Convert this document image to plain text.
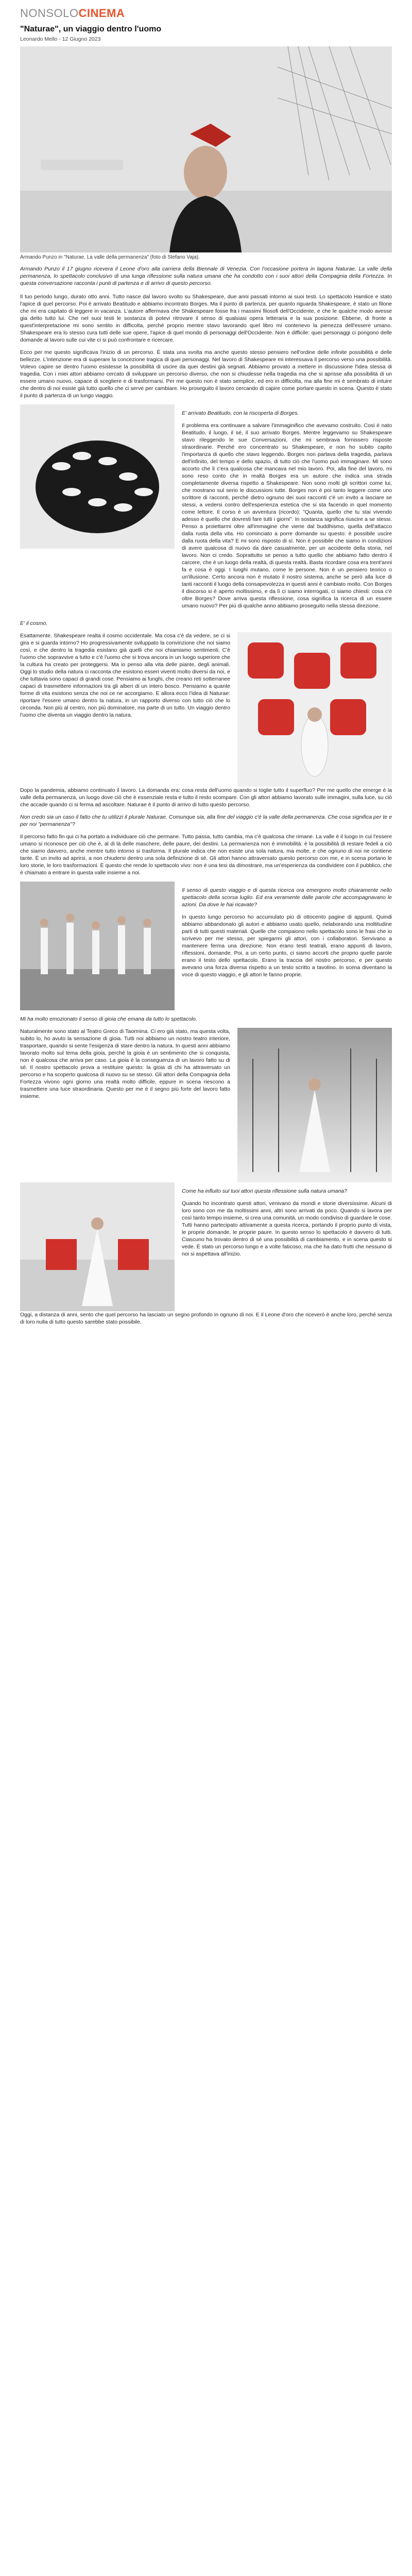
NONSOLOCINEMA
"Naturae", un viaggio dentro l'uomo
Leonardo Mello - 12 Giugno 2023
Armando Punzo in "Naturae. La valle della permanenza" (foto di Stefano Vaja).

Armando Punzo il 17 giugno ricevera il Leone d'oro alla carriera della Biennale di Venezia. Con l'occasione portera in laguna Naturae. La valle della permanenza, lo spettacolo conclusivo di una lunga riflessione sulla natura umana che ha condotto con i suoi attori della Compagnia della Fortezza. In questa conversazione racconta i punti di partenza e di arrivo di questo percorso.

Il tuo periodo lungo, durato otto anni. Tutto nasce dal lavoro svolto su Shakespeare, due anni passati intorno ai suoi testi. Lo spettacolo Hamlice e stato l'apice di quel percorso. Poi è arrivato Beatitudo e abbiamo incontrato Borges. Ma il punto di partenza, per quanto riguarda Shakespeare, è stato un filone che mi era capitato di leggere in vacanza. L'autore affermava che Shakespeare fosse fra i massimi filosofi dell'Occidente, e che le qualche modo avesse gia detto tutto lui. Che nel suoi testi le sostanza di potevi ritrovare il senso di qualsiasi opera letteraria e la sua posizione. Ebbene, di fronte a quest'interpretazione mi sono sentito in difficolta, perché proprio mentre stavo lavorando quel libro mi contenevo la pienezza dell'essere umano. Shakespeare era lo stesso cura tutti delle sue opere, l'apice di quel mondo di personaggi dell'Occidente. Non è difficile: quei personaggi ci pongono delle domande al lavoro sulle cui vite ci si può confrontare e ricercare.

Ecco per me questo significava l'inizio di un percorso. È stata una svolta ma anche questo stesso pensiero nell'ordine delle infinite possibilità e delle bellezze. L'intenzione era di superare la concezione tragica di quei personaggi. Nel lavoro di Shakespeare mi interessava il percorso verso una possibilità. Volevo capire se dentro l'uomo esistesse la possibilità di uscire da quei destini già segnati. Abbiamo provato a mettere in discussione l'idea stessa di tragedia. Con i miei attori abbiamo cercato di sviluppare un percorso diverso, che non si chiudesse nella tragedia ma che si aprisse alla possibilità di un essere umano nuovo, capace di scegliere e di trasformarsi. Per me questo non è stato semplice, ed ero in difficolta, ma alla fine mi è sembrato di intuire che dentro di noi esiste già tutto quello che ci serve per cambiare. Ho proseguito il lavoro cercando di capire come portare questo in scena. Questo è stato il punto di partenza di un lungo viaggio.

E' arrivato Beatitudo, con la riscoperta di Borges.

Il problema era continuare a salvare l'immaginifico che avevamo costruito. Cosi è nato Beatitudo, il luogo, il sé, il suo arrivato Borges. Mentre leggevamo su Shakespeare stavo rileggendo le sue Conversazioni, che mi sembrava fornissero risposte straordinarie. Perché ero concentrato su Shakespeare, e non ho subito capito l'importanza di quello che stavo leggendo. Borges non parlava della tragedia, parlava dell'infinito, del tempo e dello spazio, di tutto ciò che l'uomo può immaginare. Mi sono accorto che lì c'era qualcosa che mancava nel mio lavoro. Poi, alla fine del lavoro, mi sono reso conto che in realtà Borges era un autore che indica una strada completamente diversa rispetto a Shakespeare. Non sono molti gli scrittori come lui, che mostrano sul serio le discussioni tutte. Borges non è poi tanto leggere come uno scrittore di racconti, perché dietro ognuno dei suoi racconti c'è un invito a lasciare se stessi, a vedersi contro dell'esperienza estetica che si sta facendo in quel momento come lettore. Il corso è un avventura (ricordo): "Quanta, quello che tu stai vivendo adesso è quello che dovresti fare tutti i giorni". In sostanza significa riuscire a se stessi. Penso a proiettarmi oltre all'immagine che viene dal buddhismo, quella dell'attacco dalla ruota della vita. Ho cominciato a porre domande su questo: è possibile uscire dalla ruota della vita? E mi sono risposto di sì. Non è possibile che siamo in condizioni di avere qualcosa di nuovo da dare casualmente, per un accidente della storia, nel lavoro. Non ci credo. Soprattutto se penso a tutto quello che abbiamo fatto dentro il carcere, che è un luogo della realtà, di questa realtà. Basta ricordare cosa era trent'anni fa e cosa è oggi. I luoghi mutano, come le persone. Non è un pensiero teorico o un'illusione. Certo ancora non è mutato il nostro sistema, anche se però alla luce di tanti racconti il luogo della consapevolezza in questi anni è cambiato molto. Con Borges il discorso si è aperto moltissimo, e da lì ci siamo interrogati, ci siamo chiesti: cosa c'è oltre Borges? Dove arriva questa riflessione, cosa significa la ricerca di un essere umano nuovo? Per più di qualche anno abbiamo proseguito nella stessa direzione.

E' il cosmo.

Esattamente. Shakespeare realta il cosmo occidentale. Ma cosa c'è da vedere, se ci si gira e si guarda intorno? Ho progressivamente sviluppato la convinzione che noi siamo così, e che dentro la tragedia esistano già quelli che noi chiamiamo sentimenti. C'è l'uomo che sopravvive a tutto e c'è l'uomo che si trova ancora in un luogo superiore che la cultura ha creato per proteggersi. Ma io penso alla vita delle piante, degli animali. Oggi lo studio della natura ci racconta che esistono esseri viventi molto diversi da noi, e che tuttavia sono capaci di grandi cose. Pensiamo ai funghi, che creano reti sotterranee capaci di trasmettere informazioni tra gli alberi di un intero bosco. Pensiamo a quante forme di vita esistono senza che noi ce ne accorgiamo. E allora ecco l'idea di Naturae: riportare l'essere umano dentro la natura, in un rapporto diverso con tutto ciò che lo circonda. Non più al centro, non più dominatore, ma parte di un tutto. Un viaggio dentro l'uomo che diventa un viaggio dentro la natura.

Dopo la pandemia, abbiamo continuato il lavoro. La domanda era: cosa resta dell'uomo quando si toglie tutto il superfluo? Per me quello che emerge è la valle della permanenza, un luogo dove ciò che è essenziale resta e tutto il resto scompare. Con gli attori abbiamo lavorato sulle immagini, sulla luce, su ciò che accade quando ci si ferma ad ascoltare. Naturae è il punto di arrivo di tutto questo percorso.

Non credo sia un caso il fatto che tu utilizzi il plurale Naturae. Comunque sia, alla fine del viaggio c'è la valle della permanenza. Che cosa significa per te e per noi "permanenza"?

Il percorso fatto fin qui ci ha portato a individuare ciò che permane. Tutto passa, tutto cambia, ma c'è qualcosa che rimane. La valle è il luogo in cui l'essere umano si riconosce per ciò che è, al di là delle maschere, delle paure, dei destini. La permanenza non è immobilità: è la possibilità di restare fedeli a ciò che siamo davvero, anche mentre tutto intorno si trasforma. Il plurale indica che non esiste una sola natura, ma molte, e che ognuno di noi ne contiene tante. È un invito ad aprirsi, a non chiudersi dentro una sola definizione di sé. Gli attori hanno attraversato questo percorso con me, e in scena portano le loro storie, le loro trasformazioni. È questo che rende lo spettacolo vivo: non è una tesi da dimostrare, ma un'esperienza da condividere con il pubblico, che è chiamato a entrare in questa valle insieme a noi.

Il senso di questo viaggio e di questa ricerca ora emergono molto chiaramente nello spettacolo della scorsa luglio. Ed era veramente dalle parole che accompagnavano le azioni. Da dove le hai ricavate?

In questo lungo percorso ho accumulato più di ottocento pagine di appunti. Quindi abbiamo abbandonato gli autori e abbiamo usato quello, rielaborando una moltitudine parti di tutti questi materiali. Quelle che compaiono nello spettacolo sono le frasi che io scrivevo per me stesso, per spiegarmi gli attori, con i collaboratori. Servivano a mantenere ferma una direzione. Non erano testi teatrali, erano appunti di lavoro, riflessioni, domande. Poi, a un certo punto, ci siamo accorti che proprio quelle parole erano il testo dello spettacolo. Erano la traccia del nostro percorso, e per questo avevano una forza diversa rispetto a un testo scritto a tavolino. In scena diventano la voce di questo viaggio, e gli attori le fanno proprie.

Mi ha molto emozionato il senso di gioia che emana da tutto lo spettacolo.

Naturalmente sono stato al Teatro Greco di Taormina. Ci ero già stato, ma questa volta, subito lo, ho avuto la sensazione di gioia. Tutti noi abbiamo un nostro teatro interiore, trasportare, quando si sente l'esigenza di stare dentro la natura. In questi anni abbiamo lavorato molto sul tema della gioia, perché la gioia è un sentimento che si conquista, non è qualcosa che arriva per caso. La gioia è la conseguenza di un lavoro fatto su di sé. Il nostro spettacolo prova a restituire questo: la gioia di chi ha attraversato un percorso e ha scoperto qualcosa di nuovo su se stesso. Gli attori della Compagnia della Fortezza vivono ogni giorno una realtà molto difficile, eppure in scena riescono a trasmettere una luce straordinaria. Questo per me è il segno più forte del lavoro fatto insieme.

Come ha influito sul tuoi attori questa riflessione sulla natura umana?

Quando ho incontrato questi attori, venivano da mondi e storie diversissime. Alcuni di loro sono con me da moltissimi anni, altri sono arrivati da poco. Quando si lavora per così tanto tempo insieme, si crea una comunità, un modo condiviso di guardare le cose. Tutti hanno partecipato attivamente a questa ricerca, portando il proprio punto di vista, le proprie domande, le proprie paure. In questo senso lo spettacolo è davvero di tutti. Ciascuno ha trovato dentro di sé una possibilità di cambiamento, e in scena questo si vede. È stato un percorso lungo e a volte faticoso, ma che ha dato frutti che nessuno di noi si aspettava all'inizio.

Oggi, a distanza di anni, sento che quel percorso ha lasciato un segno profondo in ognuno di noi. E il Leone d'oro che riceverò è anche loro, perché senza di loro nulla di tutto questo sarebbe stato possibile.
